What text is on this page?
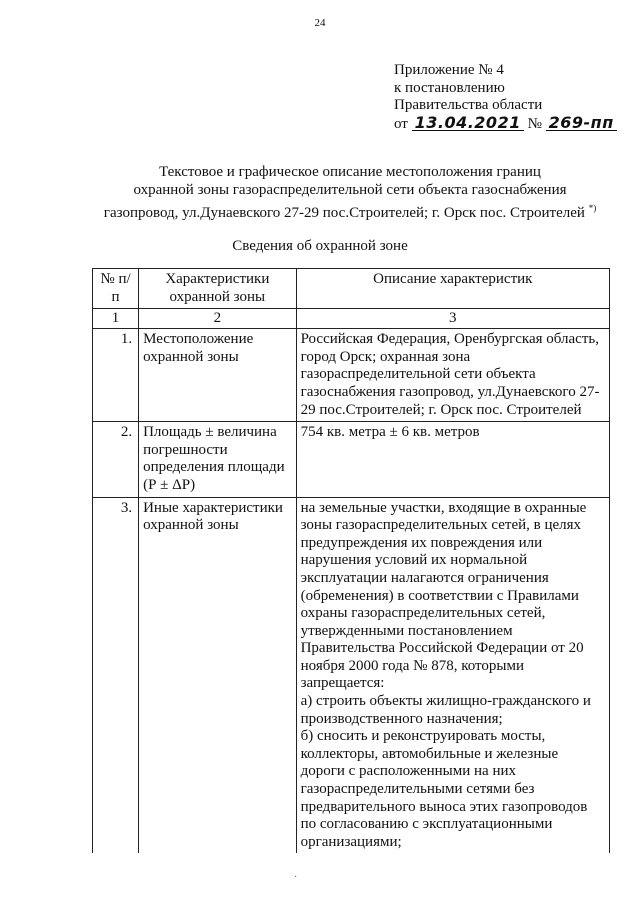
24
Приложение № 4
к постановлению
Правительства области
от 13.04.2021 № 269-пп
Текстовое и графическое описание местоположения границ
охранной зоны газораспределительной сети объекта газоснабжения
газопровод, ул.Дунаевского 27-29 пос.Строителей; г. Орск пос. Строителей *)
Сведения об охранной зоне
№ п/п	Характеристики охранной зоны	Описание характеристик
1	2	3
1.	Местоположение охранной зоны	Российская Федерация, Оренбургская область, город Орск; охранная зона газораспределительной сети объекта газоснабжения газопровод, ул.Дунаевского 27-29 пос.Строителей; г. Орск пос. Строителей

2.	Площадь ± величина погрешности определения площади (Р ± ΔР)	754 кв. метра ± 6 кв. метров

3.	Иные характеристики охранной зоны	на земельные участки, входящие в охранные зоны газораспределительных сетей, в целях предупреждения их повреждения или нарушения условий их нормальной эксплуатации налагаются ограничения (обременения) в соответствии с Правилами охраны газораспределительных сетей, утвержденными постановлением Правительства Российской Федерации от 20 ноября 2000 года № 878, которыми запрещается:

а) строить объекты жилищно-гражданского и производственного назначения;

б) сносить и реконструировать мосты, коллекторы, автомобильные и железные дороги с расположенными на них газораспределительными сетями без предварительного выноса этих газопроводов по согласованию с эксплуатационными организациями;

·
